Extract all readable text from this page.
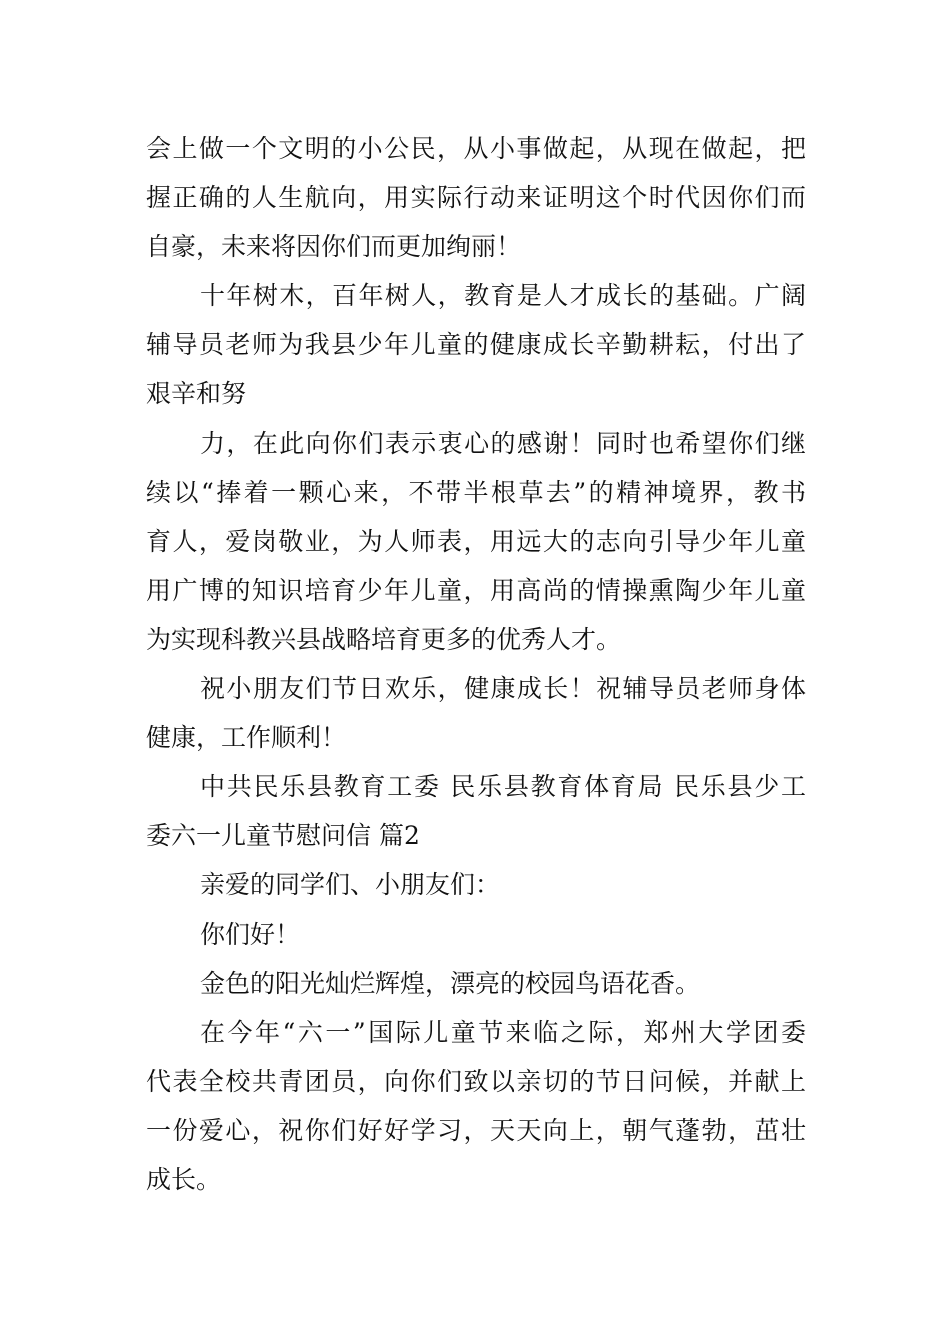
会上做一个文明的小公民，从小事做起，从现在做起，把
握正确的人生航向，用实际行动来证明这个时代因你们而
自豪，未来将因你们而更加绚丽！
十年树木，百年树人，教育是人才成长的基础。广阔
辅导员老师为我县少年儿童的健康成长辛勤耕耘，付出了
艰辛和努
力，在此向你们表示衷心的感谢！同时也希望你们继
续以“捧着一颗心来，不带半根草去”的精神境界，教书
育人，爱岗敬业，为人师表，用远大的志向引导少年儿童
用广博的知识培育少年儿童，用高尚的情操熏陶少年儿童
为实现科教兴县战略培育更多的优秀人才。
祝小朋友们节日欢乐，健康成长！祝辅导员老师身体
健康，工作顺利！
中共民乐县教育工委 民乐县教育体育局 民乐县少工
委六一儿童节慰问信 篇2
亲爱的同学们、小朋友们：
你们好！
金色的阳光灿烂辉煌，漂亮的校园鸟语花香。
在今年“六一”国际儿童节来临之际，郑州大学团委
代表全校共青团员，向你们致以亲切的节日问候，并献上
一份爱心，祝你们好好学习，天天向上，朝气蓬勃，茁壮
成长。
